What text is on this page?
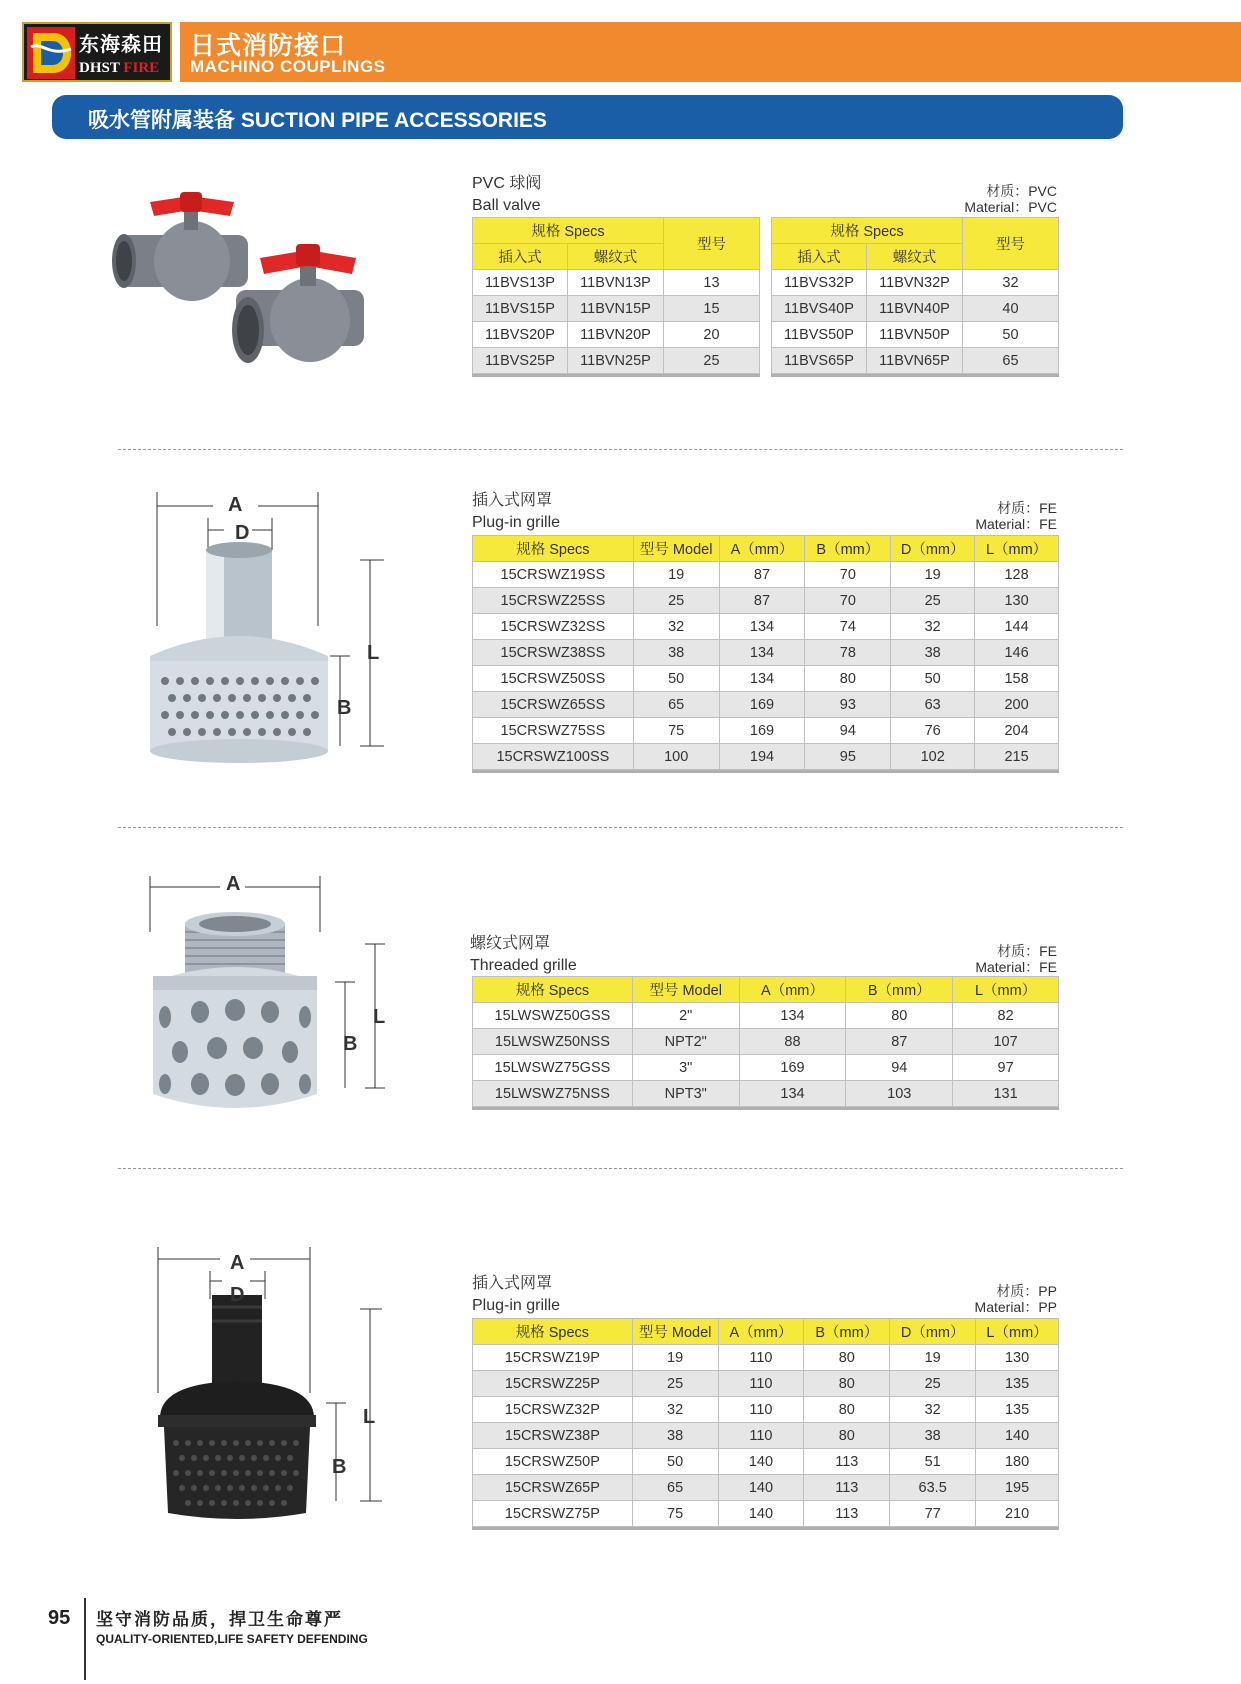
东海森田
DHST FIRE
日式消防接口
MACHINO COUPLINGS
吸水管附属装备 SUCTION PIPE ACCESSORIES
PVC 球阀
Ball valve
材质：PVC
Material：PVC
规格 Specs		型号
插入式	螺纹式	
11BVS13P	11BVN13P	13
11BVS15P	11BVN15P	15
11BVS20P	11BVN20P	20
11BVS25P	11BVN25P	25
规格 Specs		型号
插入式	螺纹式	
11BVS32P	11BVN32P	32
11BVS40P	11BVN40P	40
11BVS50P	11BVN50P	50
11BVS65P	11BVN65P	65
A
D
L
B
插入式网罩
Plug-in grille
材质：FE
Material：FE
规格 Specs	型号 Model	A（mm）	B（mm）	D（mm）	L（mm）
15CRSWZ19SS	19	87	70	19	128
15CRSWZ25SS	25	87	70	25	130
15CRSWZ32SS	32	134	74	32	144
15CRSWZ38SS	38	134	78	38	146
15CRSWZ50SS	50	134	80	50	158
15CRSWZ65SS	65	169	93	63	200
15CRSWZ75SS	75	169	94	76	204
15CRSWZ100SS	100	194	95	102	215
A
L
B
螺纹式网罩
Threaded grille
材质：FE
Material：FE
规格 Specs	型号 Model	A（mm）	B（mm）	L（mm）
15LWSWZ50GSS	2"	134	80	82
15LWSWZ50NSS	NPT2"	88	87	107
15LWSWZ75GSS	3"	169	94	97
15LWSWZ75NSS	NPT3"	134	103	131
A
D
L
B
插入式网罩
Plug-in grille
材质：PP
Material：PP
规格 Specs	型号 Model	A（mm）	B（mm）	D（mm）	L（mm）
15CRSWZ19P	19	110	80	19	130
15CRSWZ25P	25	110	80	25	135
15CRSWZ32P	32	110	80	32	135
15CRSWZ38P	38	110	80	38	140
15CRSWZ50P	50	140	113	51	180
15CRSWZ65P	65	140	113	63.5	195
15CRSWZ75P	75	140	113	77	210
95 坚守消防品质，捍卫生命尊严
QUALITY-ORIENTED,LIFE SAFETY DEFENDING
